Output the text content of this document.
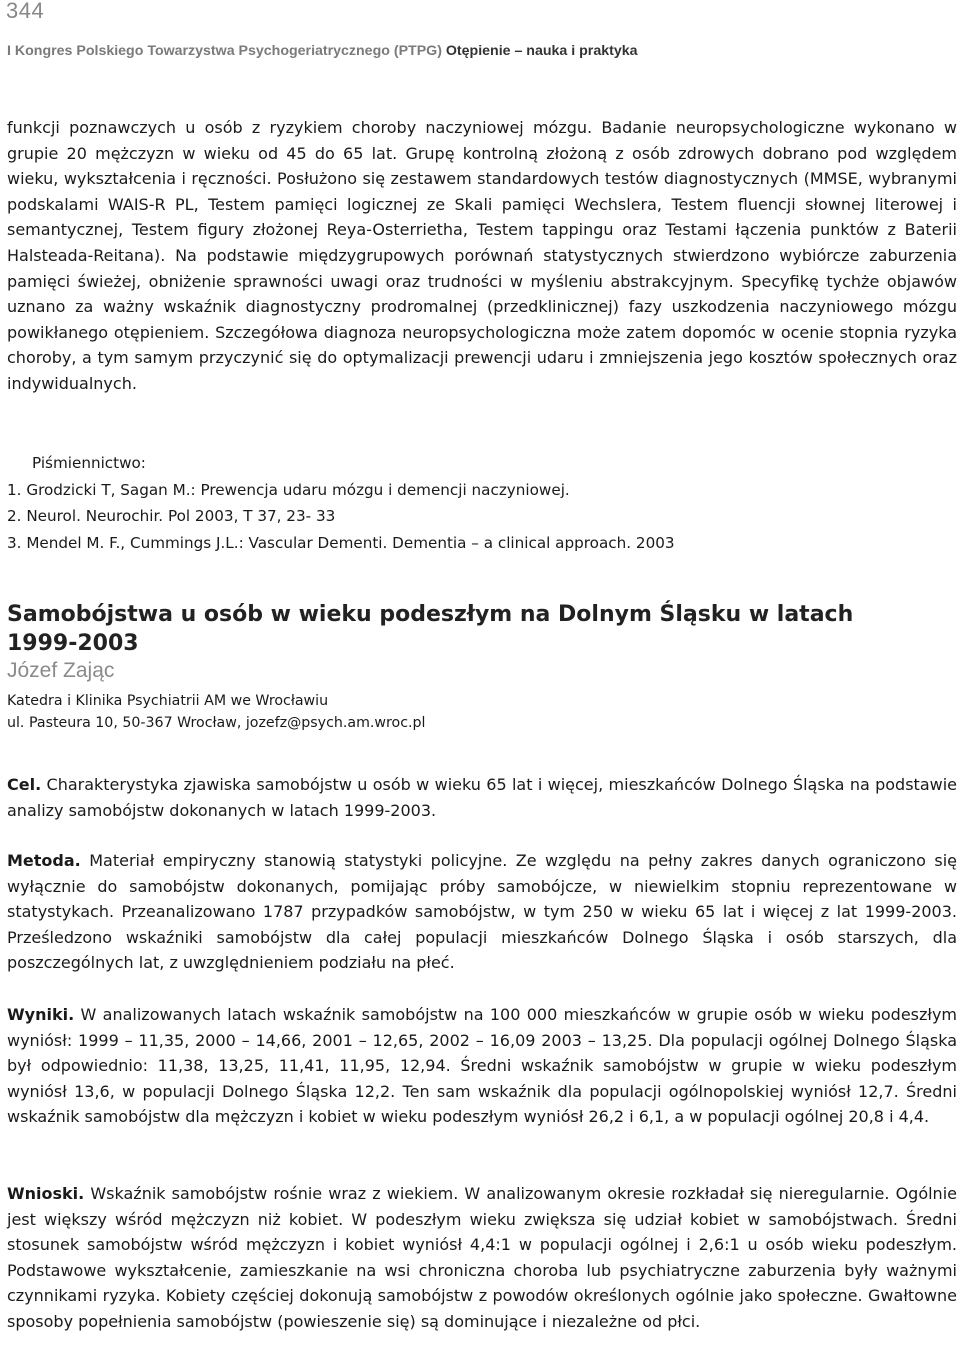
344
I Kongres Polskiego Towarzystwa Psychogeriatrycznego (PTPG) Otępienie – nauka i praktyka

funkcji poznawczych u osób z ryzykiem choroby naczyniowej mózgu. Badanie neuropsychologiczne wykonano w grupie 20 mężczyzn w wieku od 45 do 65 lat. Grupę kontrolną złożoną z osób zdrowych dobrano pod względem wieku, wykształcenia i ręczności. Posłużono się zestawem standardowych testów diagnostycznych (MMSE, wybranymi podskalami WAIS-R PL, Testem pamięci logicznej ze Skali pamięci Wechslera, Testem fluencji słownej literowej i semantycznej, Testem figury złożonej Reya-Osterrietha, Testem tappingu oraz Testami łączenia punktów z Baterii Halsteada-Reitana). Na podstawie międzygrupowych porównań statystycznych stwierdzono wybiórcze zaburzenia pamięci świeżej, obniżenie sprawności uwagi oraz trudności w myśleniu abstrakcyjnym. Specyfikę tychże objawów uznano za ważny wskaźnik diagnostyczny prodromalnej (przedklinicznej) fazy uszkodzenia naczyniowego mózgu powikłanego otępieniem. Szczegółowa diagnoza neuropsychologiczna może zatem dopomóc w ocenie stopnia ryzyka choroby, a tym samym przyczynić się do optymalizacji prewencji udaru i zmniejszenia jego kosztów społecznych oraz indywidualnych.

Piśmiennictwo:
1. Grodzicki T, Sagan M.: Prewencja udaru mózgu i demencji naczyniowej.
2. Neurol. Neurochir. Pol 2003, T 37, 23- 33
3. Mendel M. F., Cummings J.L.: Vascular Dementi. Dementia – a clinical approach. 2003
Samobójstwa u osób w wieku podeszłym na Dolnym Śląsku w latach 1999-2003
Józef Zając
Katedra i Klinika Psychiatrii AM we Wrocławiu
ul. Pasteura 10, 50-367 Wrocław, jozefz@psych.am.wroc.pl

Cel. Charakterystyka zjawiska samobójstw u osób w wieku 65 lat i więcej, mieszkańców Dolnego Śląska na podstawie analizy samobójstw dokonanych w latach 1999-2003.

Metoda. Materiał empiryczny stanowią statystyki policyjne. Ze względu na pełny zakres danych ograniczono się wyłącznie do samobójstw dokonanych, pomijając próby samobójcze, w niewielkim stopniu reprezentowane w statystykach. Przeanalizowano 1787 przypadków samobójstw, w tym 250 w wieku 65 lat i więcej z lat 1999-2003. Prześledzono wskaźniki samobójstw dla całej populacji mieszkańców Dolnego Śląska i osób starszych, dla poszczególnych lat, z uwzględnieniem podziału na płeć.

Wyniki. W analizowanych latach wskaźnik samobójstw na 100 000 mieszkańców w grupie osób w wieku podeszłym wyniósł: 1999 – 11,35, 2000 – 14,66, 2001 – 12,65, 2002 – 16,09 2003 – 13,25. Dla populacji ogólnej Dolnego Śląska był odpowiednio: 11,38, 13,25, 11,41, 11,95, 12,94. Średni wskaźnik samobójstw w grupie w wieku podeszłym wyniósł 13,6, w populacji Dolnego Śląska 12,2. Ten sam wskaźnik dla populacji ogólnopolskiej wyniósł 12,7. Średni wskaźnik samobójstw dla mężczyzn i kobiet w wieku podeszłym wyniósł 26,2 i 6,1, a w populacji ogólnej 20,8 i 4,4.

Wnioski. Wskaźnik samobójstw rośnie wraz z wiekiem. W analizowanym okresie rozkładał się nieregularnie. Ogólnie jest większy wśród mężczyzn niż kobiet. W podeszłym wieku zwiększa się udział kobiet w samobójstwach. Średni stosunek samobójstw wśród mężczyzn i kobiet wyniósł 4,4:1 w populacji ogólnej i 2,6:1 u osób wieku podeszłym. Podstawowe wykształcenie, zamieszkanie na wsi chroniczna choroba lub psychiatryczne zaburzenia były ważnymi czynnikami ryzyka. Kobiety częściej dokonują samobójstw z powodów określonych ogólnie jako społeczne. Gwałtowne sposoby popełnienia samobójstw (powieszenie się) są dominujące i niezależne od płci.
